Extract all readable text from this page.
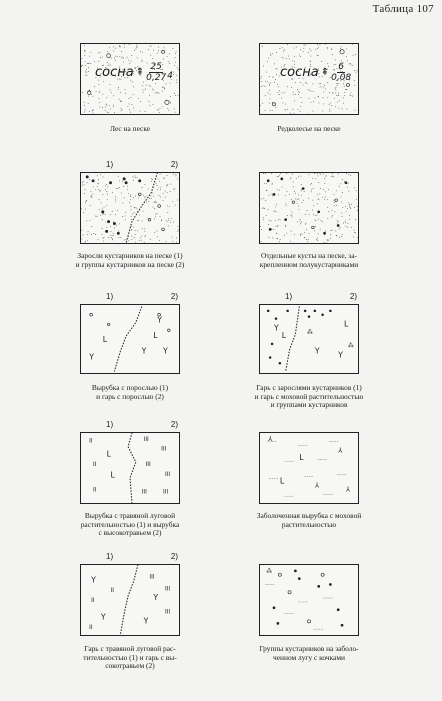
Таблица 107
сосна ⇞ $\frac{25}{0,27} 4$
Лес на песке
сосна ⇞ $\frac{6}{0,08}$
Редколесье на песке
1)	2)
Заросли кустарников на песке (1)
и группы кустарников на песке (2)
Отдельные кусты на песке, за-
крепленном полукустарниками
1)	2)
L	L
Y
Y Y
Y
Вырубка с порослью (1)
и гарь с порослью (2)
1)	2)
L
L
Y Y
Y
⁂
⁂
Гарь с зарослями кустарников (1)
и гарь с моховой растительностью
и группами кустарников
1)	2)
II
L
II
L
II
III
III
III
III
III	III
Вырубка с травяной луговой
растительностью (1) и вырубка
с высокотравьем (2)
L
L
⅄
⅄
⅄	⅄
Заболоченная вырубка с моховой
растительностью
1)	2)
Y
Y
Y
Y
II
II
II
III
III
III
Гарь с травяной луговой рас-
тительностью (1) и гарь с вы-
сокотравьем (2)
⁂
Группы кустарников на заболо-
ченном лугу с кочками
